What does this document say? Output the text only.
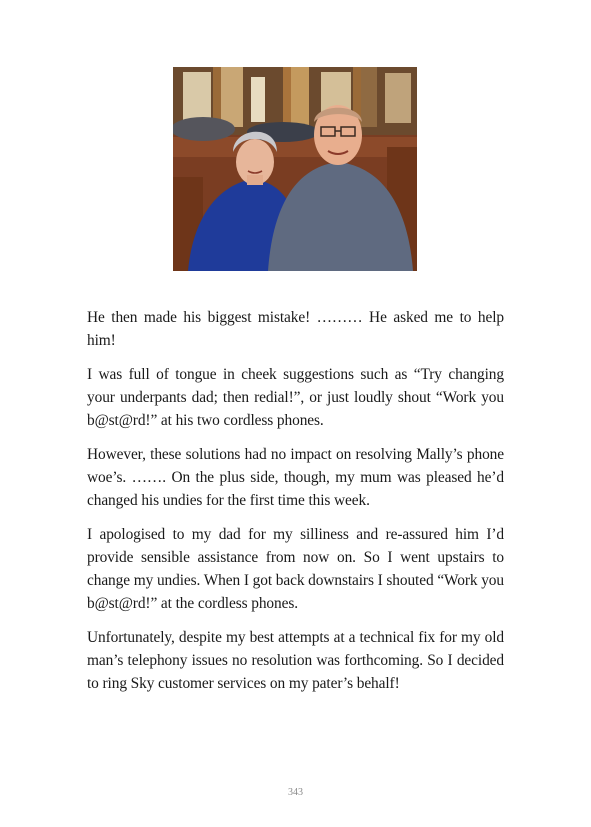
He then made his biggest mistake! ……… He asked me to help him!

I was full of tongue in cheek suggestions such as “Try changing your underpants dad; then redial!”, or just loudly shout “Work you b@st@rd!” at his two cordless phones.

However, these solutions had no impact on resolving Mally’s phone woe’s. ……. On the plus side, though, my mum was pleased he’d changed his undies for the first time this week.

I apologised to my dad for my silliness and re-assured him I’d provide sensible assistance from now on. So I went upstairs to change my undies. When I got back downstairs I shouted “Work you b@st@rd!” at the cordless phones.

Unfortunately, despite my best attempts at a technical fix for my old man’s telephony issues no resolution was forthcoming. So I decided to ring Sky customer services on my pater’s behalf!

343
